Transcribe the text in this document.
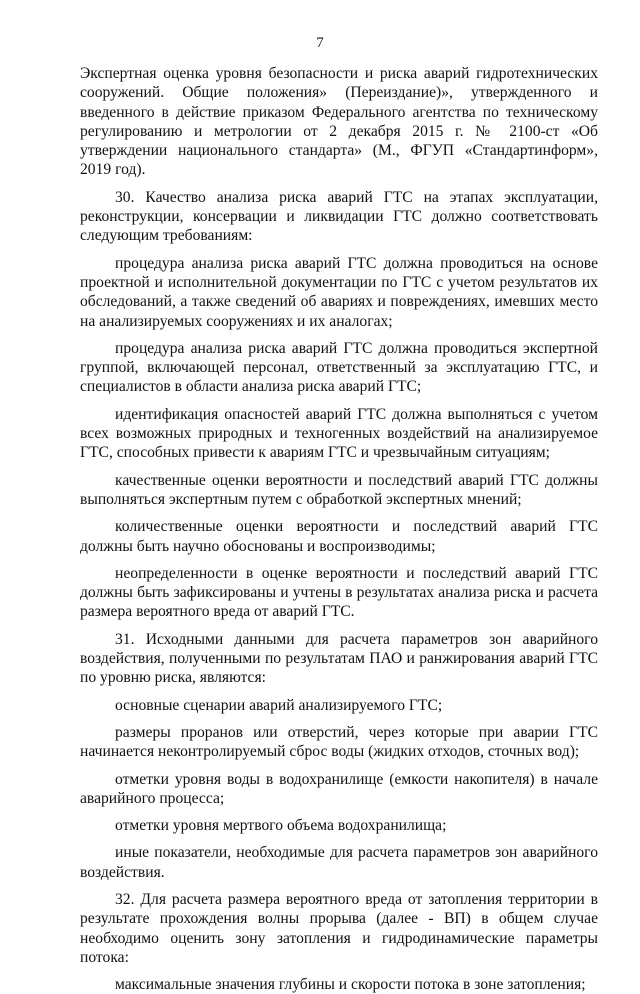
7

Экспертная оценка уровня безопасности и риска аварий гидротехнических сооружений. Общие положения» (Переиздание)», утвержденного и введенного в действие приказом Федерального агентства по техническому регулированию и метрологии от 2 декабря 2015 г. № 2100-ст «Об утверждении национального стандарта» (М., ФГУП «Стандартинформ», 2019 год).

30. Качество анализа риска аварий ГТС на этапах эксплуатации, реконструкции, консервации и ликвидации ГТС должно соответствовать следующим требованиям:

процедура анализа риска аварий ГТС должна проводиться на основе проектной и исполнительной документации по ГТС с учетом результатов их обследований, а также сведений об авариях и повреждениях, имевших место на анализируемых сооружениях и их аналогах;

процедура анализа риска аварий ГТС должна проводиться экспертной группой, включающей персонал, ответственный за эксплуатацию ГТС, и специалистов в области анализа риска аварий ГТС;

идентификация опасностей аварий ГТС должна выполняться с учетом всех возможных природных и техногенных воздействий на анализируемое ГТС, способных привести к авариям ГТС и чрезвычайным ситуациям;

качественные оценки вероятности и последствий аварий ГТС должны выполняться экспертным путем с обработкой экспертных мнений;

количественные оценки вероятности и последствий аварий ГТС должны быть научно обоснованы и воспроизводимы;

неопределенности в оценке вероятности и последствий аварий ГТС должны быть зафиксированы и учтены в результатах анализа риска и расчета размера вероятного вреда от аварий ГТС.

31. Исходными данными для расчета параметров зон аварийного воздействия, полученными по результатам ПАО и ранжирования аварий ГТС по уровню риска, являются:

основные сценарии аварий анализируемого ГТС;

размеры проранов или отверстий, через которые при аварии ГТС начинается неконтролируемый сброс воды (жидких отходов, сточных вод);

отметки уровня воды в водохранилище (емкости накопителя) в начале аварийного процесса;

отметки уровня мертвого объема водохранилища;

иные показатели, необходимые для расчета параметров зон аварийного воздействия.

32. Для расчета размера вероятного вреда от затопления территории в результате прохождения волны прорыва (далее - ВП) в общем случае необходимо оценить зону затопления и гидродинамические параметры потока:

максимальные значения глубины и скорости потока в зоне затопления;
